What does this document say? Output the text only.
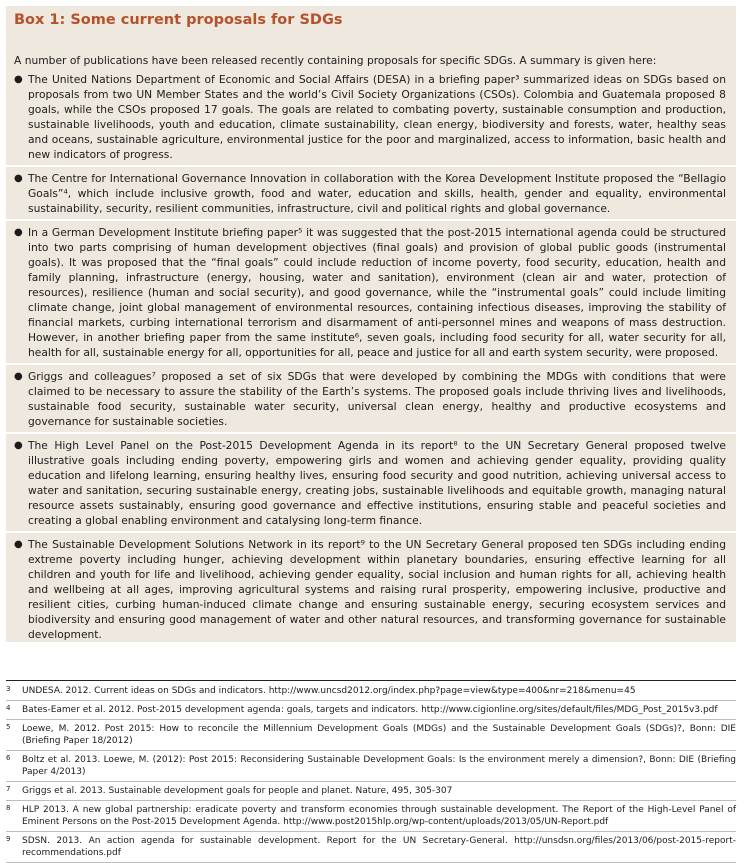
Box 1: Some current proposals for SDGs
A number of publications have been released recently containing proposals for specific SDGs. A summary is given here:
● The United Nations Department of Economic and Social Affairs (DESA) in a briefing paper³ summarized ideas on SDGs based on proposals from two UN Member States and the world’s Civil Society Organizations (CSOs). Colombia and Guatemala proposed 8 goals, while the CSOs proposed 17 goals. The goals are related to combating poverty, sustainable consumption and production, sustainable livelihoods, youth and education, climate sustainability, clean energy, biodiversity and forests, water, healthy seas and oceans, sustainable agriculture, environmental justice for the poor and marginalized, access to information, basic health and new indicators of progress.
● The Centre for International Governance Innovation in collaboration with the Korea Development Institute proposed the “Bellagio Goals”⁴, which include inclusive growth, food and water, education and skills, health, gender and equality, environmental sustainability, security, resilient communities, infrastructure, civil and political rights and global governance.
● In a German Development Institute briefing paper⁵ it was suggested that the post-2015 international agenda could be structured into two parts comprising of human development objectives (final goals) and provision of global public goods (instrumental goals). It was proposed that the “final goals” could include reduction of income poverty, food security, education, health and family planning, infrastructure (energy, housing, water and sanitation), environment (clean air and water, protection of resources), resilience (human and social security), and good governance, while the “instrumental goals” could include limiting climate change, joint global management of environmental resources, containing infectious diseases, improving the stability of financial markets, curbing international terrorism and disarmament of anti-personnel mines and weapons of mass destruction. However, in another briefing paper from the same institute⁶, seven goals, including food security for all, water security for all, health for all, sustainable energy for all, opportunities for all, peace and justice for all and earth system security, were proposed.
● Griggs and colleagues⁷ proposed a set of six SDGs that were developed by combining the MDGs with conditions that were claimed to be necessary to assure the stability of the Earth’s systems. The proposed goals include thriving lives and livelihoods, sustainable food security, sustainable water security, universal clean energy, healthy and productive ecosystems and governance for sustainable societies.
● The High Level Panel on the Post-2015 Development Agenda in its report⁸ to the UN Secretary General proposed twelve illustrative goals including ending poverty, empowering girls and women and achieving gender equality, providing quality education and lifelong learning, ensuring healthy lives, ensuring food security and good nutrition, achieving universal access to water and sanitation, securing sustainable energy, creating jobs, sustainable livelihoods and equitable growth, managing natural resource assets sustainably, ensuring good governance and effective institutions, ensuring stable and peaceful societies and creating a global enabling environment and catalysing long-term finance.
● The Sustainable Development Solutions Network in its report⁹ to the UN Secretary General proposed ten SDGs including ending extreme poverty including hunger, achieving development within planetary boundaries, ensuring effective learning for all children and youth for life and livelihood, achieving gender equality, social inclusion and human rights for all, achieving health and wellbeing at all ages, improving agricultural systems and raising rural prosperity, empowering inclusive, productive and resilient cities, curbing human-induced climate change and ensuring sustainable energy, securing ecosystem services and biodiversity and ensuring good management of water and other natural resources, and transforming governance for sustainable development.
3 UNDESA. 2012. Current ideas on SDGs and indicators. http://www.uncsd2012.org/index.php?page=view&type=400&nr=218&menu=45
4 Bates-Eamer et al. 2012. Post-2015 development agenda: goals, targets and indicators. http://www.cigionline.org/sites/default/files/MDG_Post_2015v3.pdf
5 Loewe, M. 2012. Post 2015: How to reconcile the Millennium Development Goals (MDGs) and the Sustainable Development Goals (SDGs)?, Bonn: DIE (Briefing Paper 18/2012)
6 Boltz et al. 2013. Loewe, M. (2012): Post 2015: Reconsidering Sustainable Development Goals: Is the environment merely a dimension?, Bonn: DIE (Briefing Paper 4/2013)
7 Griggs et al. 2013. Sustainable development goals for people and planet. Nature, 495, 305-307
8 HLP 2013. A new global partnership: eradicate poverty and transform economies through sustainable development. The Report of the High-Level Panel of Eminent Persons on the Post-2015 Development Agenda. http://www.post2015hlp.org/wp-content/uploads/2013/05/UN-Report.pdf
9 SDSN. 2013. An action agenda for sustainable development. Report for the UN Secretary-General. http://unsdsn.org/files/2013/06/post-2015-report-recommendations.pdf
